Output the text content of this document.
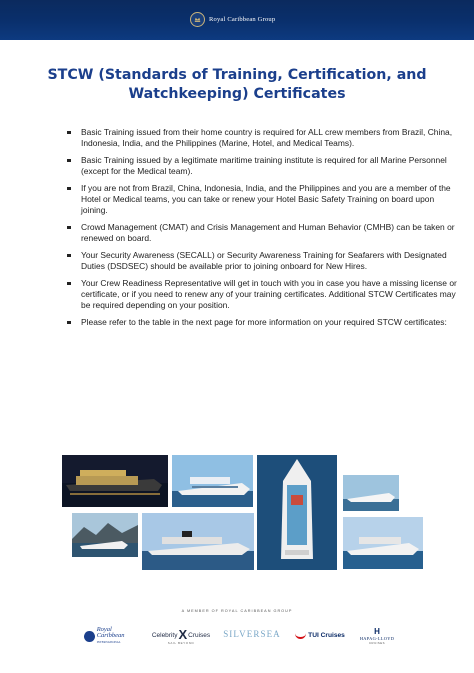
Royal Caribbean Group
STCW (Standards of Training, Certification, and Watchkeeping) Certificates
Basic Training issued from their home country is required for ALL crew members from Brazil, China, Indonesia, India, and the Philippines (Marine, Hotel, and Medical Teams).
Basic Training issued by a legitimate maritime training institute is required for all Marine Personnel (except for the Medical team).
If you are not from Brazil, China, Indonesia, India, and the Philippines and you are a member of the Hotel or Medical teams, you can take or renew your Hotel Basic Safety Training on board upon joining.
Crowd Management (CMAT) and Crisis Management and Human Behavior (CMHB) can be taken or renewed on board.
Your Security Awareness (SECALL) or Security Awareness Training for Seafarers with Designated Duties (DSDSEC) should be available prior to joining onboard for New Hires.
Your Crew Readiness Representative will get in touch with you in case you have a missing license or certificate, or if you need to renew any of your training certificates. Additional STCW Certificates may be required depending on your position.
Please refer to the table in the next page for more information on your required STCW certificates:
A MEMBER OF ROYAL CARIBBEAN GROUP
Royal Caribbean
INTERNATIONAL
Celebrity X Cruises
SAIL BEYOND
SILVERSEA	TUI Cruises	H
HAPAG-LLOYD
CRUISES
